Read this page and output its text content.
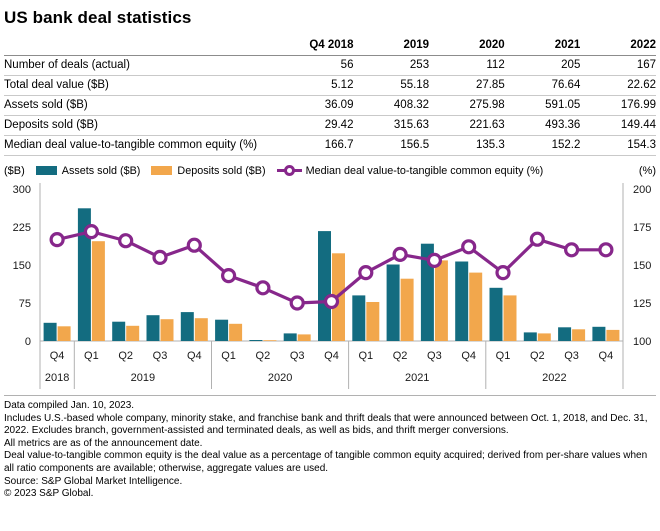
US bank deal statistics
	Q4 2018	2019	2020	2021	2022
Number of deals (actual)	56	253	112	205	167
Total deal value ($B)	5.12	55.18	27.85	76.64	22.62
Assets sold ($B)	36.09	408.32	275.98	591.05	176.99
Deposits sold ($B)	29.42	315.63	221.63	493.36	149.44
Median deal value-to-tangible common equity (%)	166.7	156.5	135.3	152.2	154.3
($B)	Assets sold ($B)	Deposits sold ($B)	Median deal value-to-tangible common equity (%)	(%)
0
75
150
225
300
100
125
150
175
200
Q4 Q1 Q2 Q3 Q4 Q1 Q2 Q3 Q4 Q1 Q2 Q3 Q4 Q1 Q2 Q3 Q4
2018	2019	2020	2021	2022

Data compiled Jan. 10, 2023.

Includes U.S.-based whole company, minority stake, and franchise bank and thrift deals that were announced between Oct. 1, 2018, and Dec. 31, 2022. Excludes branch, government-assisted and terminated deals, as well as bids, and thrift merger conversions.

All metrics are as of the announcement date.

Deal value-to-tangible common equity is the deal value as a percentage of tangible common equity acquired; derived from per-share values when all ratio components are available; otherwise, aggregate values are used.

Source: S&P Global Market Intelligence.

© 2023 S&P Global.
